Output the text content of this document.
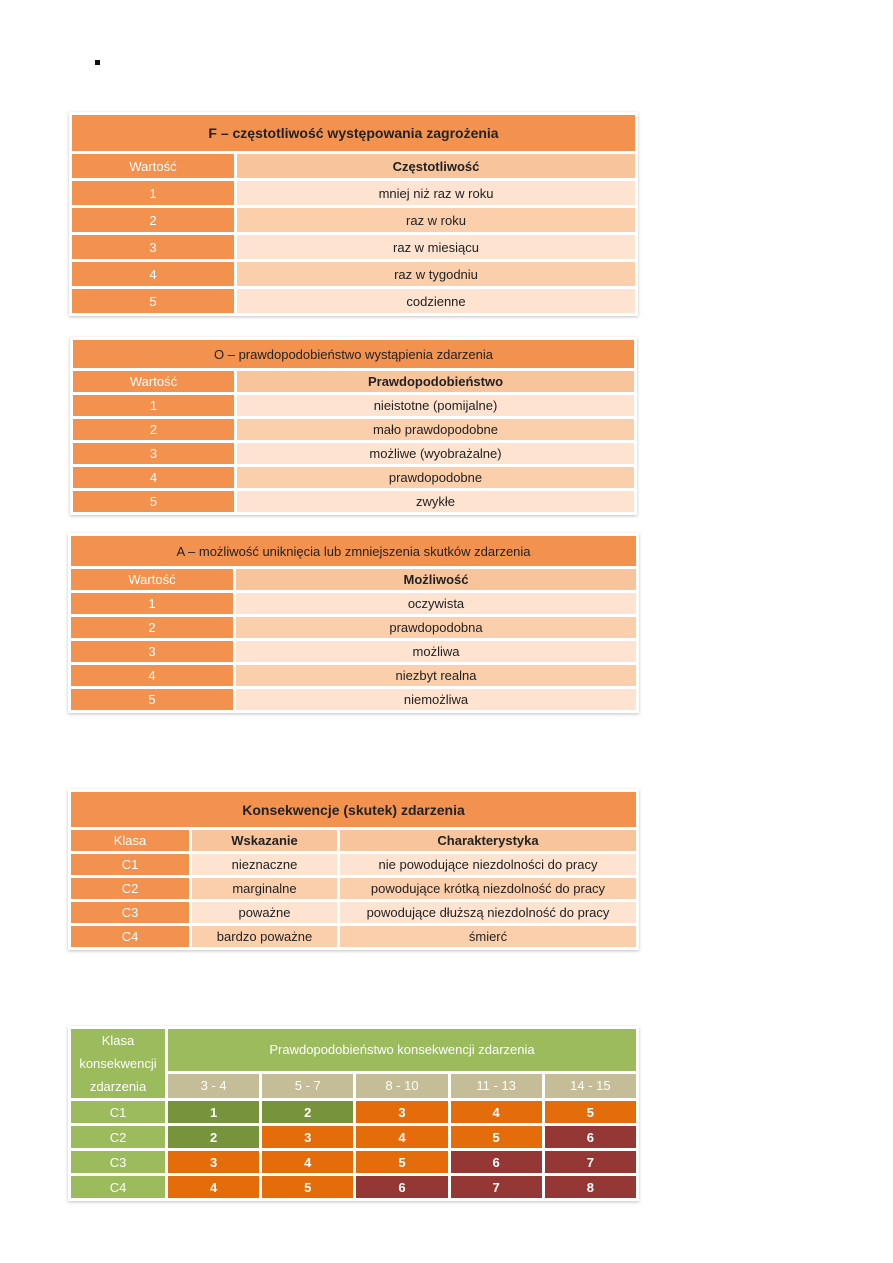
F – częstotliwość występowania zagrożenia	
Wartość	Częstotliwość
1	mniej niż raz w roku
2	raz w roku
3	raz w miesiącu
4	raz w tygodniu
5	codzienne
O – prawdopodobieństwo wystąpienia zdarzenia	
Wartość	Prawdopodobieństwo
1	nieistotne (pomijalne)
2	mało prawdopodobne
3	możliwe (wyobrażalne)
4	prawdopodobne
5	zwykłe
A – możliwość uniknięcia lub zmniejszenia skutków zdarzenia	
Wartość	Możliwość
1	oczywista
2	prawdopodobna
3	możliwa
4	niezbyt realna
5	niemożliwa
Konsekwencje (skutek) zdarzenia		
Klasa	Wskazanie	Charakterystyka
C1	nieznaczne	nie powodujące niezdolności do pracy
C2	marginalne	powodujące krótką niezdolność do pracy
C3	poważne	powodujące dłuższą niezdolność do pracy
C4	bardzo poważne	śmierć
Klasa
konsekwencji
zdarzenia	Prawdopodobieństwo konsekwencji zdarzenia				
	3 - 4	5 - 7	8 - 10	11 - 13	14 - 15
C1	1	2	3	4	5
C2	2	3	4	5	6
C3	3	4	5	6	7
C4	4	5	6	7	8
